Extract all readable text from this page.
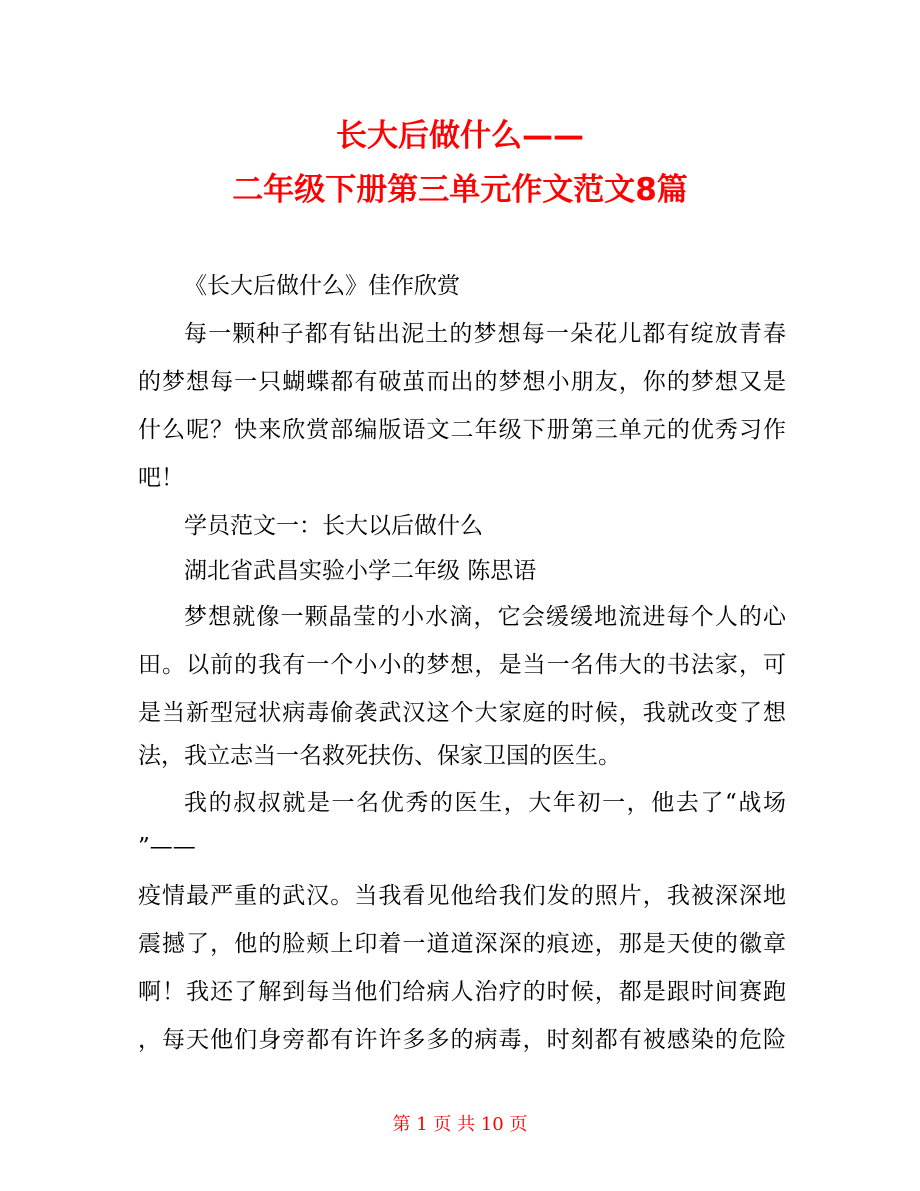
长大后做什么——
二年级下册第三单元作文范文8篇

《长大后做什么》佳作欣赏

每一颗种子都有钻出泥土的梦想每一朵花儿都有绽放青春

的梦想每一只蝴蝶都有破茧而出的梦想小朋友，你的梦想又是

什么呢？快来欣赏部编版语文二年级下册第三单元的优秀习作

吧！

学员范文一：长大以后做什么

湖北省武昌实验小学二年级 陈思语

梦想就像一颗晶莹的小水滴，它会缓缓地流进每个人的心

田。以前的我有一个小小的梦想，是当一名伟大的书法家，可

是当新型冠状病毒偷袭武汉这个大家庭的时候，我就改变了想

法，我立志当一名救死扶伤、保家卫国的医生。

我的叔叔就是一名优秀的医生，大年初一，他去了“战场

”——

疫情最严重的武汉。当我看见他给我们发的照片，我被深深地

震撼了，他的脸颊上印着一道道深深的痕迹，那是天使的徽章

啊！我还了解到每当他们给病人治疗的时候，都是跟时间赛跑

，每天他们身旁都有许许多多的病毒，时刻都有被感染的危险

第 1 页 共 10 页
